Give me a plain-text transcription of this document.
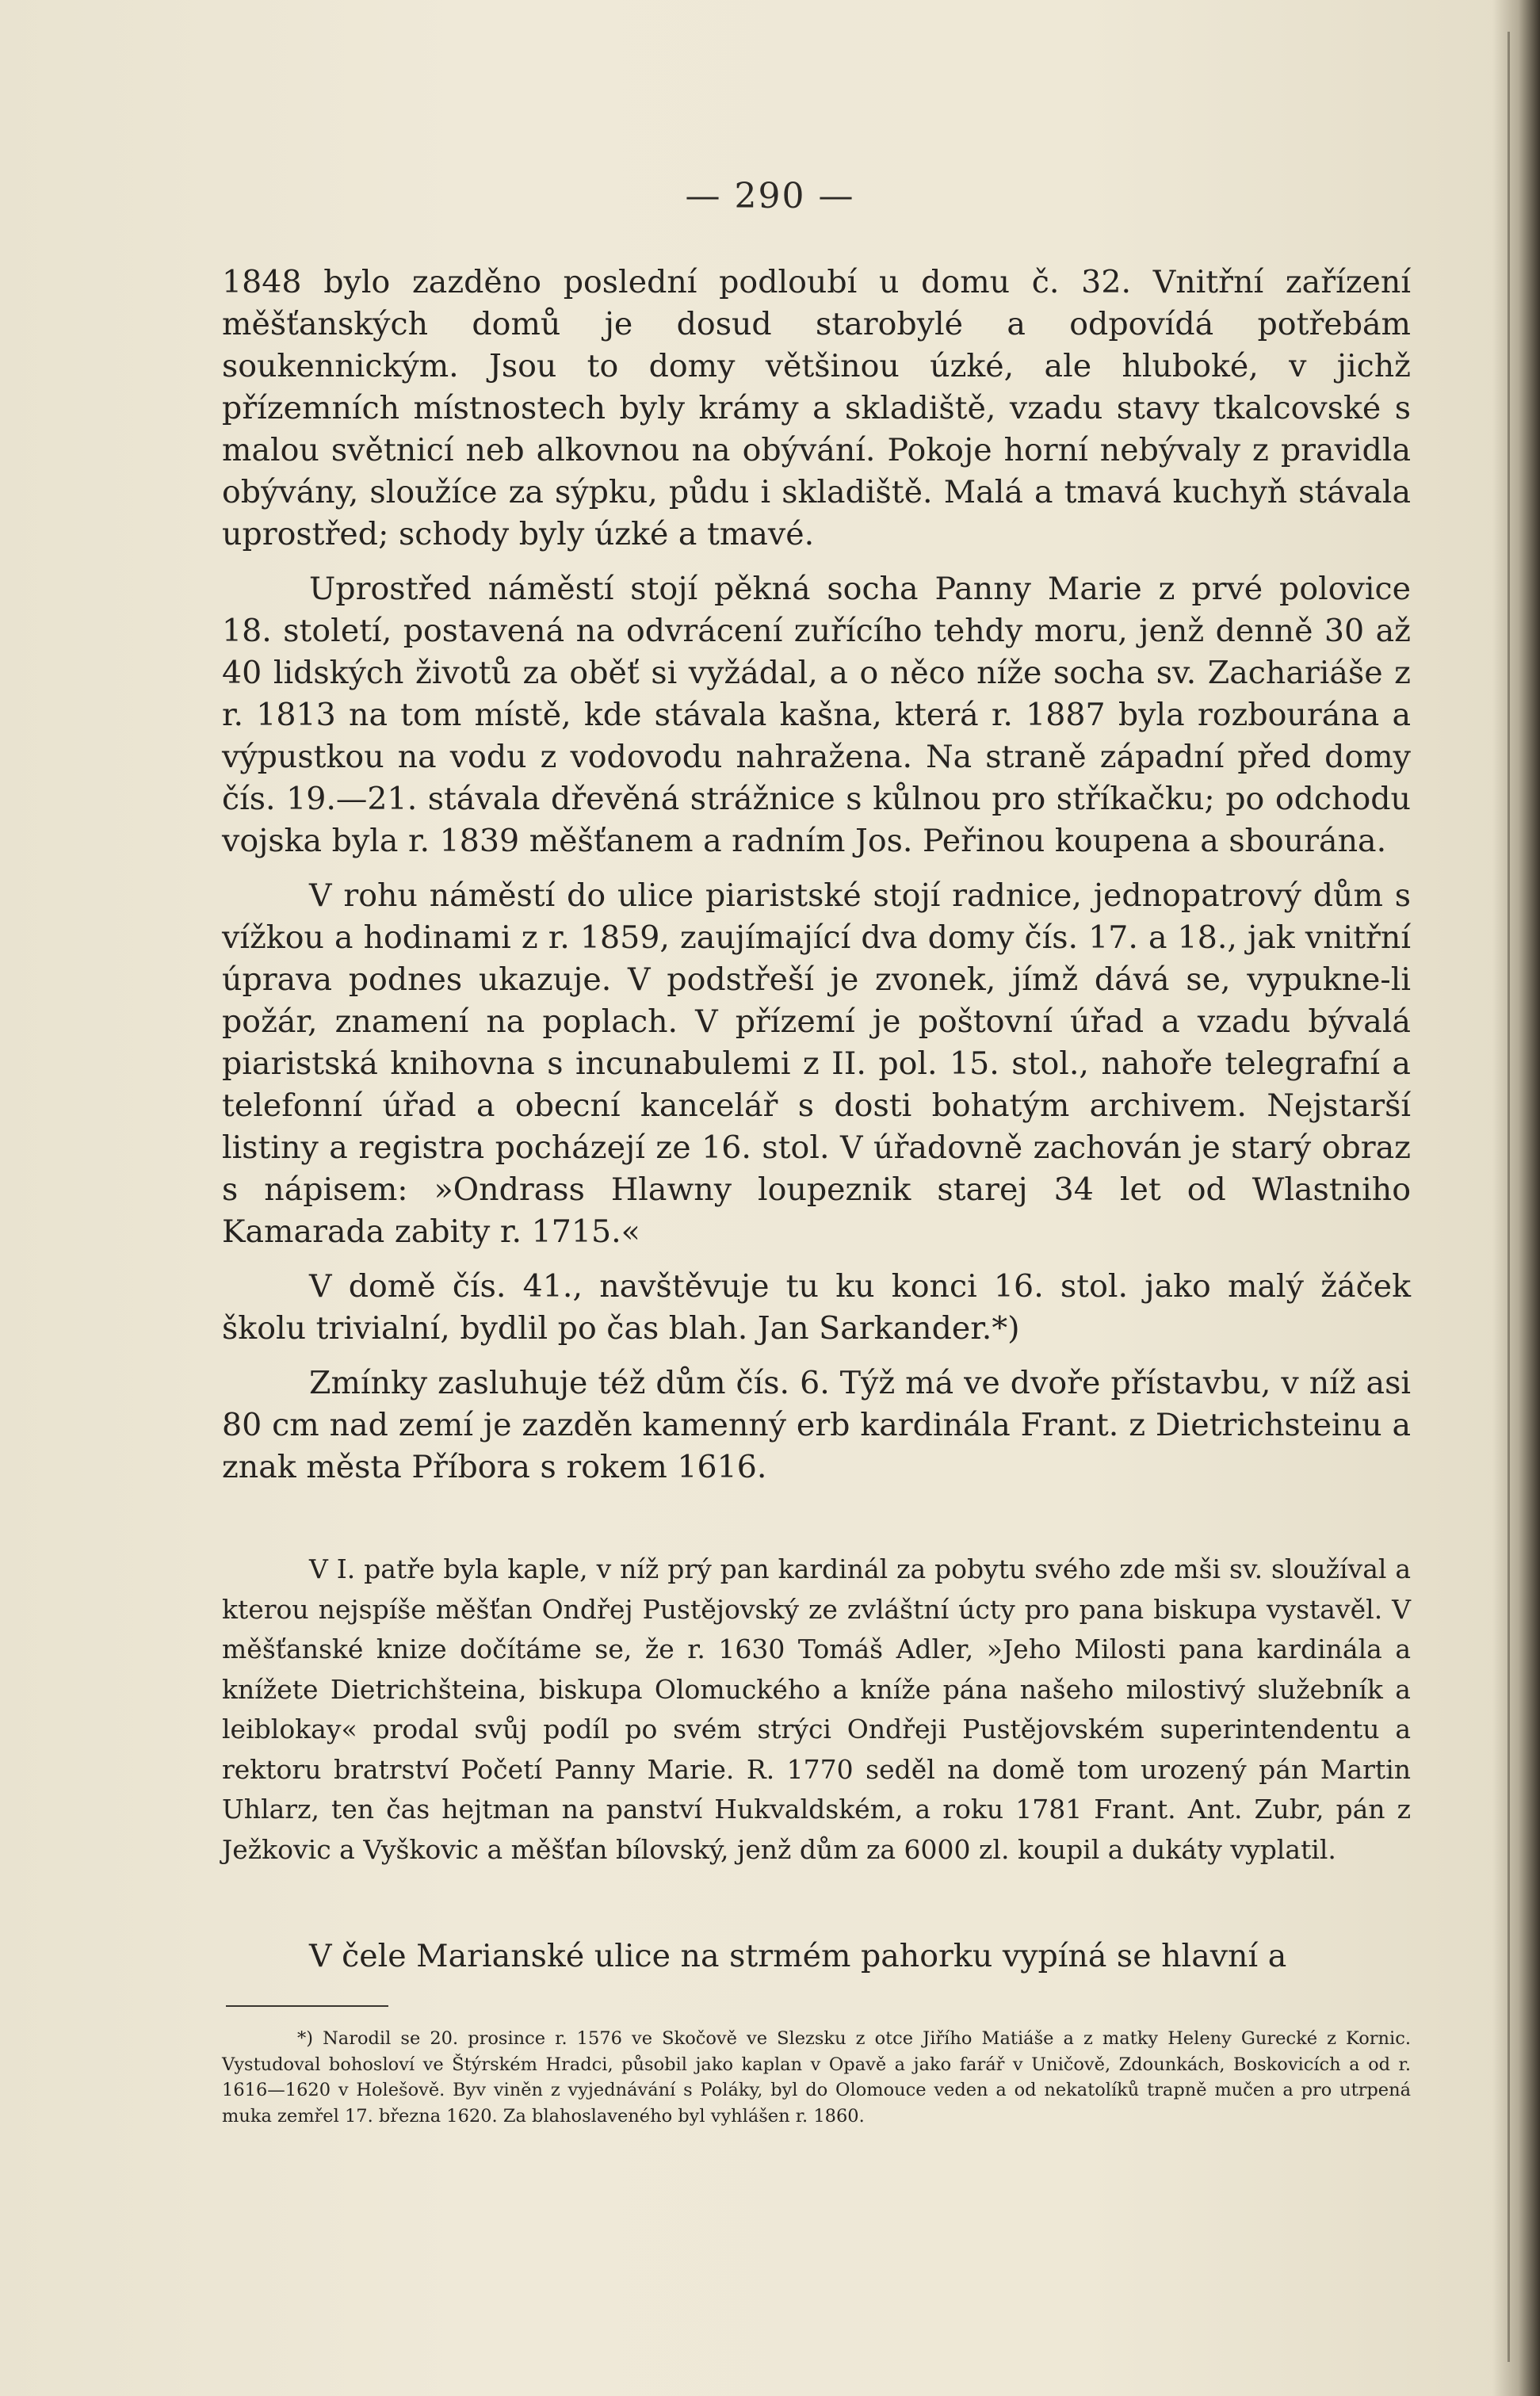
— 290 —

1848 bylo zazděno poslední podloubí u domu č. 32. Vnitřní zařízení měšťanských domů je dosud starobylé a odpovídá potřebám soukennickým. Jsou to domy většinou úzké, ale hluboké, v jichž přízemních místnostech byly krámy a skladiště, vzadu stavy tkalcovské s malou světnicí neb alkovnou na obývání. Pokoje horní nebývaly z pravidla obývány, sloužíce za sýpku, půdu i skladiště. Malá a tmavá kuchyň stávala uprostřed; schody byly úzké a tmavé.

Uprostřed náměstí stojí pěkná socha Panny Marie z prvé polovice 18. století, postavená na odvrácení zuřícího tehdy moru, jenž denně 30 až 40 lidských životů za oběť si vyžádal, a o něco níže socha sv. Zachariáše z r. 1813 na tom místě, kde stávala kašna, která r. 1887 byla rozbourána a výpustkou na vodu z vodovodu nahražena. Na straně západní před domy čís. 19.—21. stávala dřevěná strážnice s kůlnou pro stříkačku; po odchodu vojska byla r. 1839 měšťanem a radním Jos. Peřinou koupena a sbourána.

V rohu náměstí do ulice piaristské stojí radnice, jednopatrový dům s vížkou a hodinami z r. 1859, zaujímající dva domy čís. 17. a 18., jak vnitřní úprava podnes ukazuje. V podstřeší je zvonek, jímž dává se, vypukne-li požár, znamení na poplach. V přízemí je poštovní úřad a vzadu bývalá piaristská knihovna s incunabulemi z II. pol. 15. stol., nahoře telegrafní a telefonní úřad a obecní kancelář s dosti bohatým archivem. Nejstarší listiny a registra pocházejí ze 16. stol. V úřadovně zachován je starý obraz s nápisem: »Ondrass Hlawny loupeznik starej 34 let od Wlastniho Kamarada zabity r. 1715.«

V domě čís. 41., navštěvuje tu ku konci 16. stol. jako malý žáček školu trivialní, bydlil po čas blah. Jan Sarkander.*)

Zmínky zasluhuje též dům čís. 6. Týž má ve dvoře přístavbu, v níž asi 80 cm nad zemí je zazděn kamenný erb kardinála Frant. z Dietrichsteinu a znak města Příbora s rokem 1616.

V I. patře byla kaple, v níž prý pan kardinál za pobytu svého zde mši sv. sloužíval a kterou nejspíše měšťan Ondřej Pustějovský ze zvláštní úcty pro pana biskupa vystavěl. V měšťanské knize dočítáme se, že r. 1630 Tomáš Adler, »Jeho Milosti pana kardinála a knížete Dietrichšteina, biskupa Olomuckého a kníže pána našeho milostivý služebník a leiblokay« prodal svůj podíl po svém strýci Ondřeji Pustějovském superintendentu a rektoru bratrství Početí Panny Marie. R. 1770 seděl na domě tom urozený pán Martin Uhlarz, ten čas hejtman na panství Hukvaldském, a roku 1781 Frant. Ant. Zubr, pán z Ježkovic a Vyškovic a měšťan bílovský, jenž dům za 6000 zl. koupil a dukáty vyplatil.

V čele Marianské ulice na strmém pahorku vypíná se hlavní a

*) Narodil se 20. prosince r. 1576 ve Skočově ve Slezsku z otce Jiřího Matiáše a z matky Heleny Gurecké z Kornic. Vystudoval bohosloví ve Štýrském Hradci, působil jako kaplan v Opavě a jako farář v Uničově, Zdounkách, Boskovicích a od r. 1616—1620 v Holešově. Byv viněn z vyjednávání s Poláky, byl do Olomouce veden a od nekatolíků trapně mučen a pro utrpená muka zemřel 17. března 1620. Za blahoslaveného byl vyhlášen r. 1860.
